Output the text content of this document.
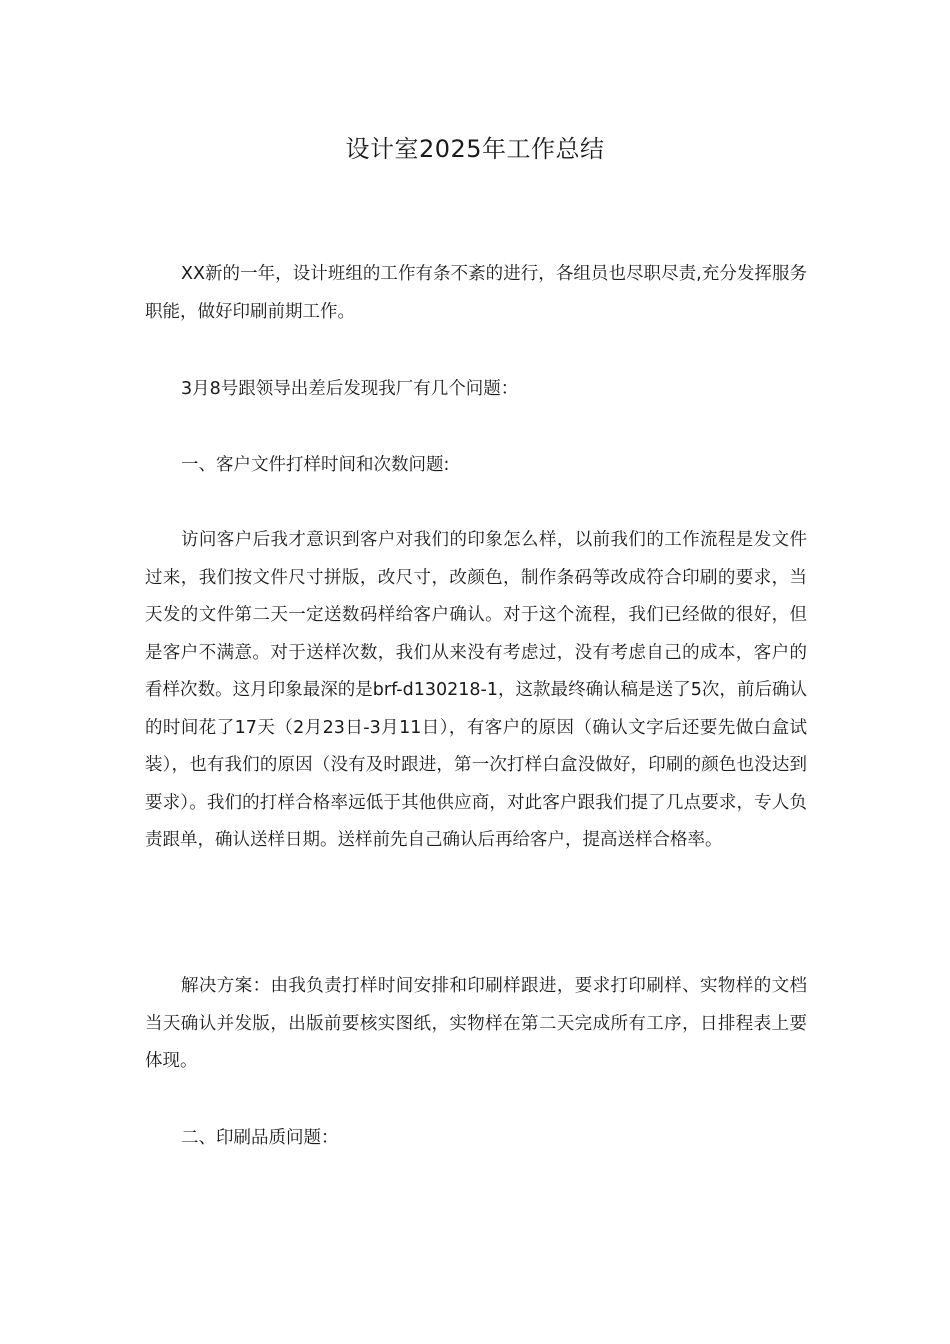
设计室2025年工作总结

XX新的一年，设计班组的工作有条不紊的进行，各组员也尽职尽责,充分发挥服务职能，做好印刷前期工作。

3月8号跟领导出差后发现我厂有几个问题：

一、客户文件打样时间和次数问题:

访问客户后我才意识到客户对我们的印象怎么样，以前我们的工作流程是发文件过来，我们按文件尺寸拼版，改尺寸，改颜色，制作条码等改成符合印刷的要求，当天发的文件第二天一定送数码样给客户确认。对于这个流程，我们已经做的很好，但是客户不满意。对于送样次数，我们从来没有考虑过，没有考虑自己的成本，客户的看样次数。这月印象最深的是brf-d130218-1，这款最终确认稿是送了5次，前后确认的时间花了17天（2月23日-3月11日），有客户的原因（确认文字后还要先做白盒试装），也有我们的原因（没有及时跟进，第一次打样白盒没做好，印刷的颜色也没达到要求）。我们的打样合格率远低于其他供应商，对此客户跟我们提了几点要求，专人负责跟单，确认送样日期。送样前先自己确认后再给客户，提高送样合格率。

解决方案：由我负责打样时间安排和印刷样跟进，要求打印刷样、实物样的文档当天确认并发版，出版前要核实图纸，实物样在第二天完成所有工序，日排程表上要体现。

二、印刷品质问题：
